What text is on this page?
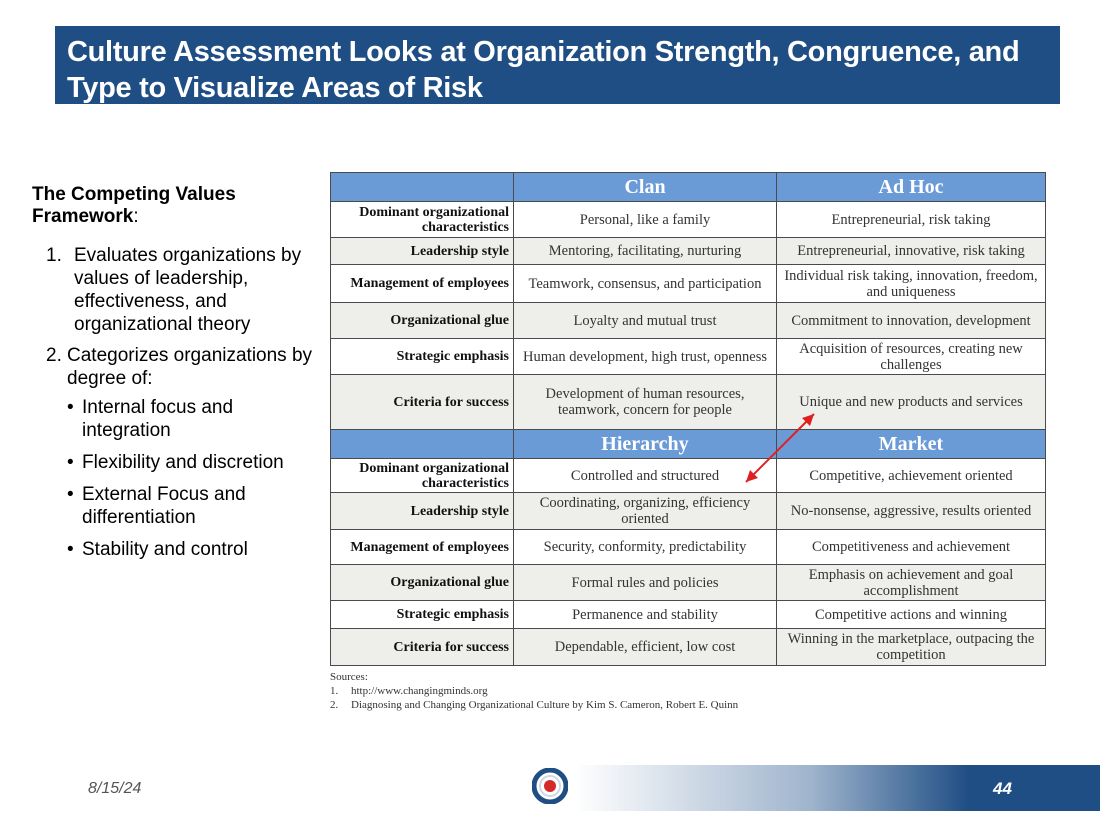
Culture Assessment Looks at Organization Strength, Congruence, and Type to Visualize Areas of Risk
The Competing Values Framework:
1. Evaluates organizations by values of leadership, effectiveness, and organizational theory
2. Categorizes organizations by degree of:
• Internal focus and integration
• Flexibility and discretion
• External Focus and differentiation
• Stability and control
	Clan	Ad Hoc
Dominant organizational characteristics	Personal, like a family	Entrepreneurial, risk taking
Leadership style	Mentoring, facilitating, nurturing	Entrepreneurial, innovative, risk taking
Management of employees	Teamwork, consensus, and participation	Individual risk taking, innovation, freedom, and uniqueness
Organizational glue	Loyalty and mutual trust	Commitment to innovation, development
Strategic emphasis	Human development, high trust, openness	Acquisition of resources, creating new challenges
Criteria for success	Development of human resources, teamwork, concern for people	Unique and new products and services
	Hierarchy	Market
Dominant organizational characteristics	Controlled and structured	Competitive, achievement oriented
Leadership style	Coordinating, organizing, efficiency oriented	No-nonsense, aggressive, results oriented
Management of employees	Security, conformity, predictability	Competitiveness and achievement
Organizational glue	Formal rules and policies	Emphasis on achievement and goal accomplishment
Strategic emphasis	Permanence and stability	Competitive actions and winning
Criteria for success	Dependable, efficient, low cost	Winning in the marketplace, outpacing the competition
Sources:
1. http://www.changingminds.org
2. Diagnosing and Changing Organizational Culture by Kim S. Cameron, Robert E. Quinn
8/15/24	44
